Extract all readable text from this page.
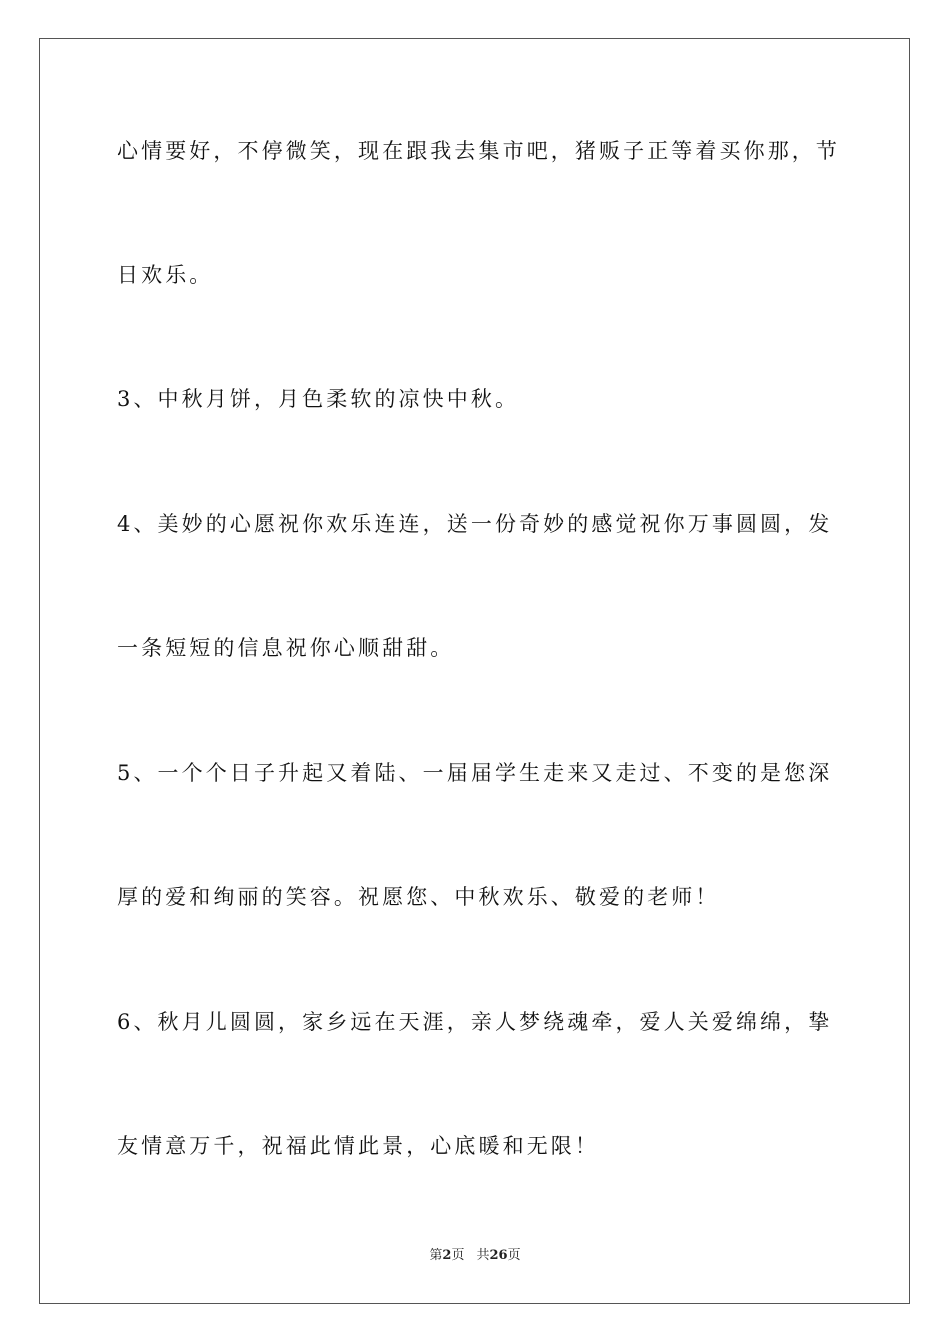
心情要好，不停微笑，现在跟我去集市吧，猪贩子正等着买你那，节
日欢乐。
3、中秋月饼，月色柔软的凉快中秋。
4、美妙的心愿祝你欢乐连连，送一份奇妙的感觉祝你万事圆圆，发
一条短短的信息祝你心顺甜甜。
5、一个个日子升起又着陆、一届届学生走来又走过、不变的是您深
厚的爱和绚丽的笑容。祝愿您、中秋欢乐、敬爱的老师！
6、秋月儿圆圆，家乡远在天涯，亲人梦绕魂牵，爱人关爱绵绵，挚
友情意万千，祝福此情此景，心底暖和无限！
第2页 共26页
